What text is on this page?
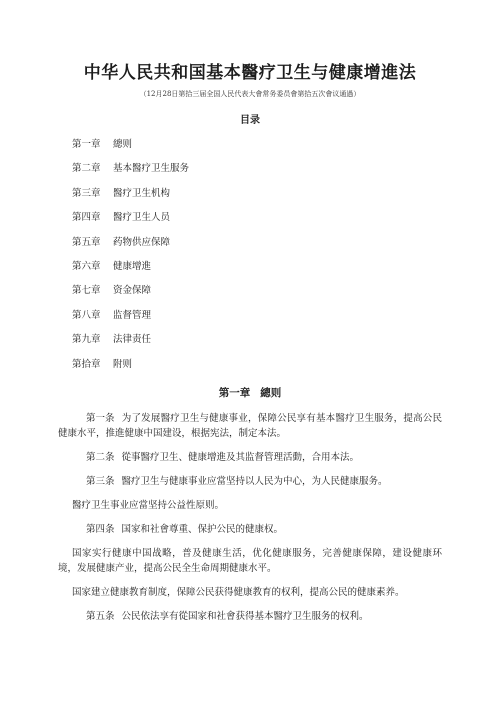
中华人民共和国基本醫疗卫生与健康增進法

（12月28日第拾三届全国人民代表大會常务委员會第拾五次會议通過）

目录
第一章 總则
第二章 基本醫疗卫生服务
第三章 醫疗卫生机构
第四章 醫疗卫生人员
第五章 药物供应保障
第六章 健康增進
第七章 资金保障
第八章 监督管理
第九章 法律责任
第拾章 附则
第一章 總则

第一条 为了发展醫疗卫生与健康事业，保障公民享有基本醫疗卫生服务，提高公民健康水平，推進健康中国建设，根据宪法，制定本法。

第二条 從事醫疗卫生、健康增進及其监督管理活動，合用本法。

第三条 醫疗卫生与健康事业应當坚持以人民为中心，为人民健康服务。

醫疗卫生事业应當坚持公益性原则。

第四条 国家和社會尊重、保护公民的健康权。

国家实行健康中国战略，普及健康生活，优化健康服务，完善健康保障，建设健康环境，发展健康产业，提高公民全生命周期健康水平。

国家建立健康教育制度，保障公民获得健康教育的权利，提高公民的健康素养。

第五条 公民依法享有從国家和社會获得基本醫疗卫生服务的权利。
